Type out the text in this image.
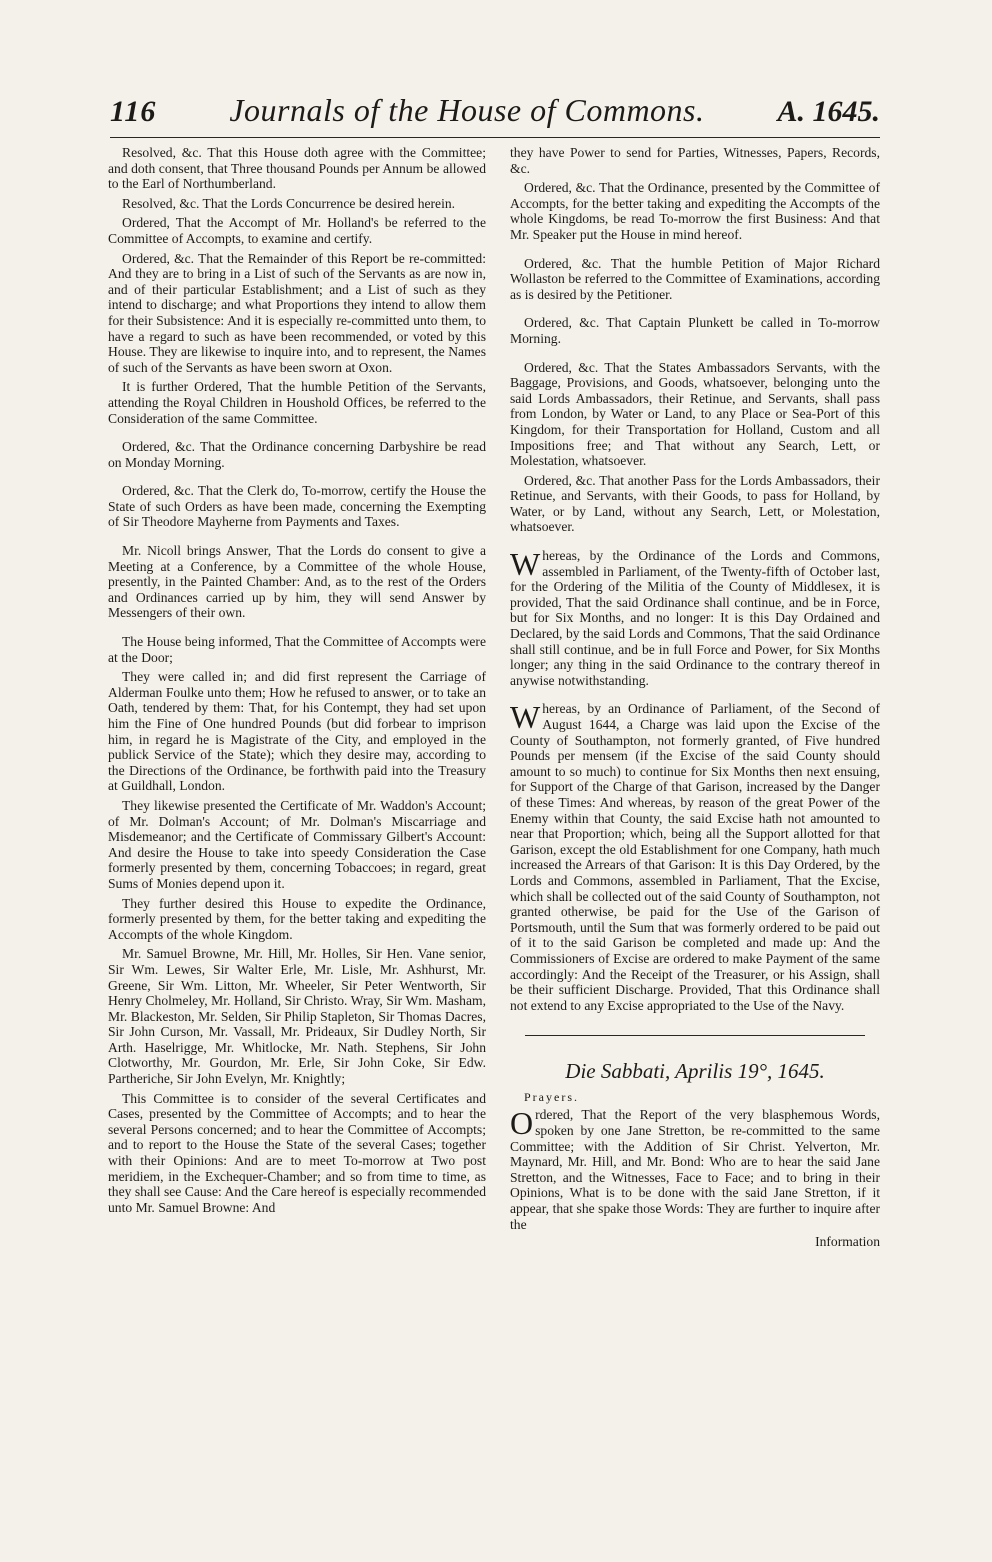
116 Journals of the House of Commons. A. 1645.

Resolved, &c. That this House doth agree with the Committee; and doth consent, that Three thousand Pounds per Annum be allowed to the Earl of Northumberland.

Resolved, &c. That the Lords Concurrence be desired herein.

Ordered, That the Accompt of Mr. Holland's be referred to the Committee of Accompts, to examine and certify.

Ordered, &c. That the Remainder of this Report be re-committed: And they are to bring in a List of such of the Servants as are now in, and of their particular Establishment; and a List of such as they intend to discharge; and what Proportions they intend to allow them for their Subsistence: And it is especially re-committed unto them, to have a regard to such as have been recommended, or voted by this House. They are likewise to inquire into, and to represent, the Names of such of the Servants as have been sworn at Oxon.

It is further Ordered, That the humble Petition of the Servants, attending the Royal Children in Houshold Offices, be referred to the Consideration of the same Committee.

Ordered, &c. That the Ordinance concerning Darbyshire be read on Monday Morning.

Ordered, &c. That the Clerk do, To-morrow, certify the House the State of such Orders as have been made, concerning the Exempting of Sir Theodore Mayherne from Payments and Taxes.

Mr. Nicoll brings Answer, That the Lords do consent to give a Meeting at a Conference, by a Committee of the whole House, presently, in the Painted Chamber: And, as to the rest of the Orders and Ordinances carried up by him, they will send Answer by Messengers of their own.

The House being informed, That the Committee of Accompts were at the Door;

They were called in; and did first represent the Carriage of Alderman Foulke unto them; How he refused to answer, or to take an Oath, tendered by them: That, for his Contempt, they had set upon him the Fine of One hundred Pounds (but did forbear to imprison him, in regard he is Magistrate of the City, and employed in the publick Service of the State); which they desire may, according to the Directions of the Ordinance, be forthwith paid into the Treasury at Guildhall, London.

They likewise presented the Certificate of Mr. Waddon's Account; of Mr. Dolman's Account; of Mr. Dolman's Miscarriage and Misdemeanor; and the Certificate of Commissary Gilbert's Account: And desire the House to take into speedy Consideration the Case formerly presented by them, concerning Tobaccoes; in regard, great Sums of Monies depend upon it.

They further desired this House to expedite the Ordinance, formerly presented by them, for the better taking and expediting the Accompts of the whole Kingdom.

Mr. Samuel Browne, Mr. Hill, Mr. Holles, Sir Hen. Vane senior, Sir Wm. Lewes, Sir Walter Erle, Mr. Lisle, Mr. Ashhurst, Mr. Greene, Sir Wm. Litton, Mr. Wheeler, Sir Peter Wentworth, Sir Henry Cholmeley, Mr. Holland, Sir Christo. Wray, Sir Wm. Masham, Mr. Blackeston, Mr. Selden, Sir Philip Stapleton, Sir Thomas Dacres, Sir John Curson, Mr. Vassall, Mr. Prideaux, Sir Dudley North, Sir Arth. Haselrigge, Mr. Whitlocke, Mr. Nath. Stephens, Sir John Clotworthy, Mr. Gourdon, Mr. Erle, Sir John Coke, Sir Edw. Partheriche, Sir John Evelyn, Mr. Knightly;

This Committee is to consider of the several Certificates and Cases, presented by the Committee of Accompts; and to hear the several Persons concerned; and to hear the Committee of Accompts; and to report to the House the State of the several Cases; together with their Opinions: And are to meet To-morrow at Two post meridiem, in the Exchequer-Chamber; and so from time to time, as they shall see Cause: And the Care hereof is especially recommended unto Mr. Samuel Browne: And

they have Power to send for Parties, Witnesses, Papers, Records, &c.

Ordered, &c. That the Ordinance, presented by the Committee of Accompts, for the better taking and expediting the Accompts of the whole Kingdoms, be read To-morrow the first Business: And that Mr. Speaker put the House in mind hereof.

Ordered, &c. That the humble Petition of Major Richard Wollaston be referred to the Committee of Examinations, according as is desired by the Petitioner.

Ordered, &c. That Captain Plunkett be called in To-morrow Morning.

Ordered, &c. That the States Ambassadors Servants, with the Baggage, Provisions, and Goods, whatsoever, belonging unto the said Lords Ambassadors, their Retinue, and Servants, shall pass from London, by Water or Land, to any Place or Sea-Port of this Kingdom, for their Transportation for Holland, Custom and all Impositions free; and That without any Search, Lett, or Molestation, whatsoever.

Ordered, &c. That another Pass for the Lords Ambassadors, their Retinue, and Servants, with their Goods, to pass for Holland, by Water, or by Land, without any Search, Lett, or Molestation, whatsoever.

Whereas, by the Ordinance of the Lords and Commons, assembled in Parliament, of the Twenty-fifth of October last, for the Ordering of the Militia of the County of Middlesex, it is provided, That the said Ordinance shall continue, and be in Force, but for Six Months, and no longer: It is this Day Ordained and Declared, by the said Lords and Commons, That the said Ordinance shall still continue, and be in full Force and Power, for Six Months longer; any thing in the said Ordinance to the contrary thereof in anywise notwithstanding.

Whereas, by an Ordinance of Parliament, of the Second of August 1644, a Charge was laid upon the Excise of the County of Southampton, not formerly granted, of Five hundred Pounds per mensem (if the Excise of the said County should amount to so much) to continue for Six Months then next ensuing, for Support of the Charge of that Garison, increased by the Danger of these Times: And whereas, by reason of the great Power of the Enemy within that County, the said Excise hath not amounted to near that Proportion; which, being all the Support allotted for that Garison, except the old Establishment for one Company, hath much increased the Arrears of that Garison: It is this Day Ordered, by the Lords and Commons, assembled in Parliament, That the Excise, which shall be collected out of the said County of Southampton, not granted otherwise, be paid for the Use of the Garison of Portsmouth, until the Sum that was formerly ordered to be paid out of it to the said Garison be completed and made up: And the Commissioners of Excise are ordered to make Payment of the same accordingly: And the Receipt of the Treasurer, or his Assign, shall be their sufficient Discharge. Provided, That this Ordinance shall not extend to any Excise appropriated to the Use of the Navy.

Die Sabbati, Aprilis 19°, 1645.

Prayers.

Ordered, That the Report of the very blasphemous Words, spoken by one Jane Stretton, be re-committed to the same Committee; with the Addition of Sir Christ. Yelverton, Mr. Maynard, Mr. Hill, and Mr. Bond: Who are to hear the said Jane Stretton, and the Witnesses, Face to Face; and to bring in their Opinions, What is to be done with the said Jane Stretton, if it appear, that she spake those Words: They are further to inquire after the

Information
